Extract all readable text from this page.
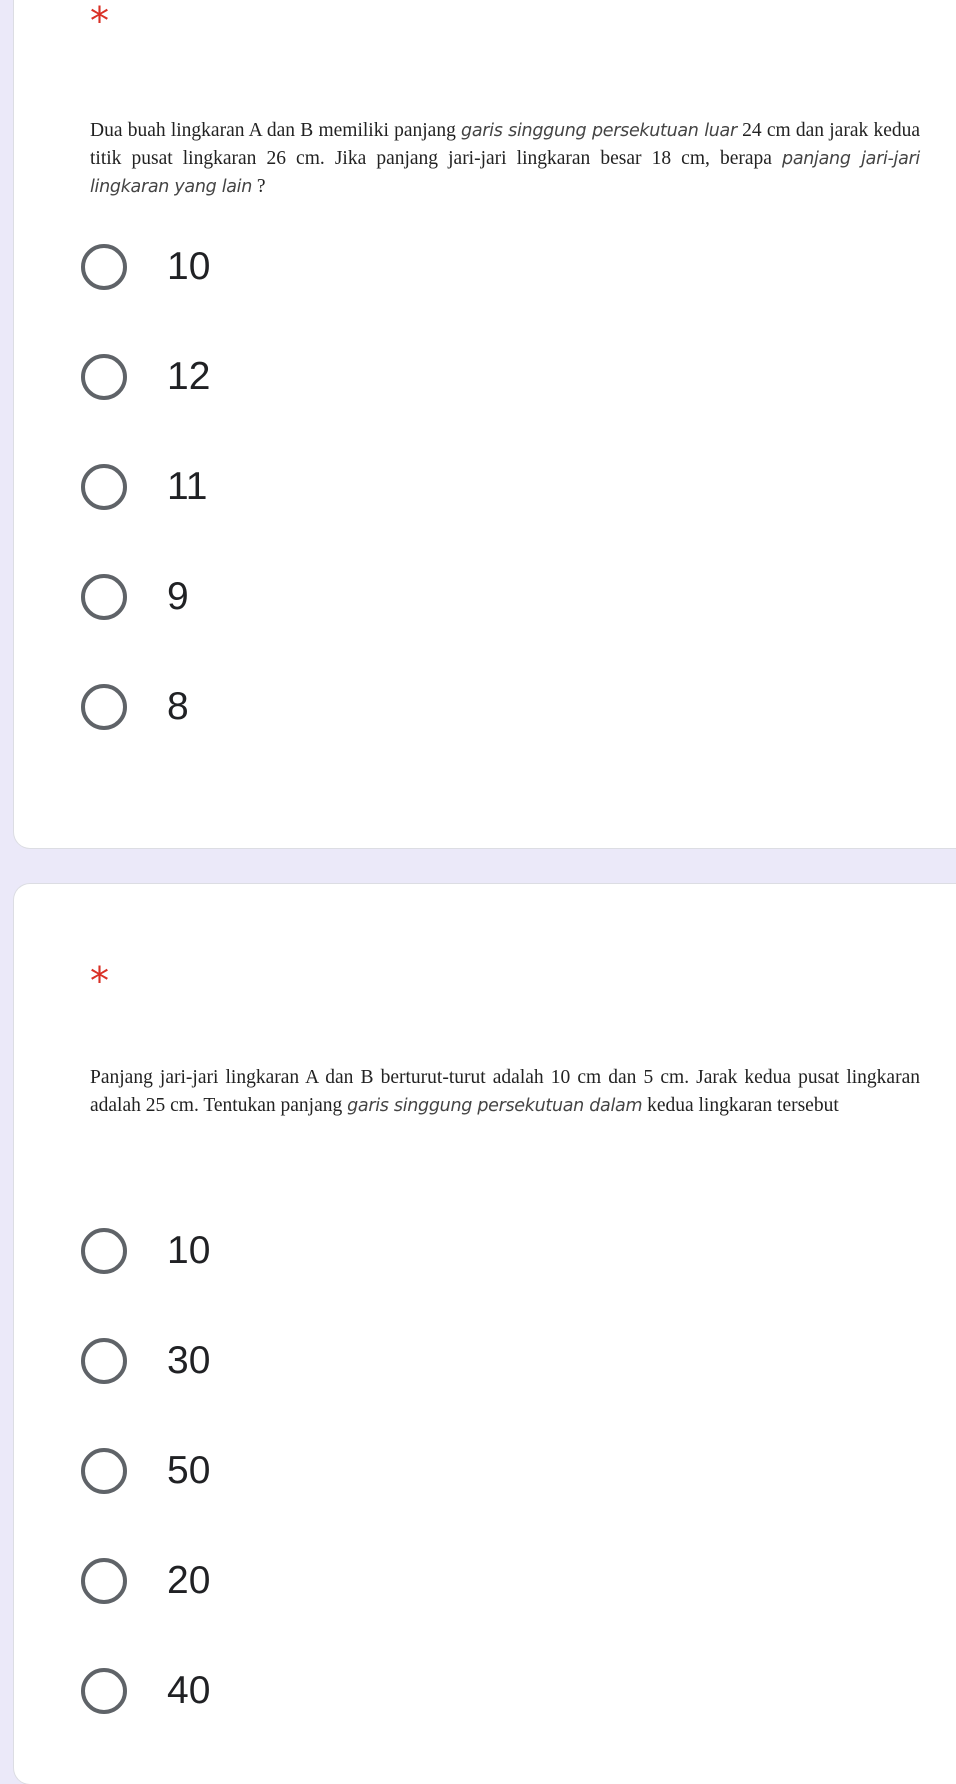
*
Dua buah lingkaran A dan B memiliki panjang garis singgung persekutuan luar 24 cm dan jarak kedua titik pusat lingkaran 26 cm. Jika panjang jari-jari lingkaran besar 18 cm, berapa panjang jari-jari lingkaran yang lain ?
10
12
11
9
8
*
Panjang jari-jari lingkaran A dan B berturut-turut adalah 10 cm dan 5 cm. Jarak kedua pusat lingkaran adalah 25 cm. Tentukan panjang garis singgung persekutuan dalam kedua lingkaran tersebut
10
30
50
20
40
